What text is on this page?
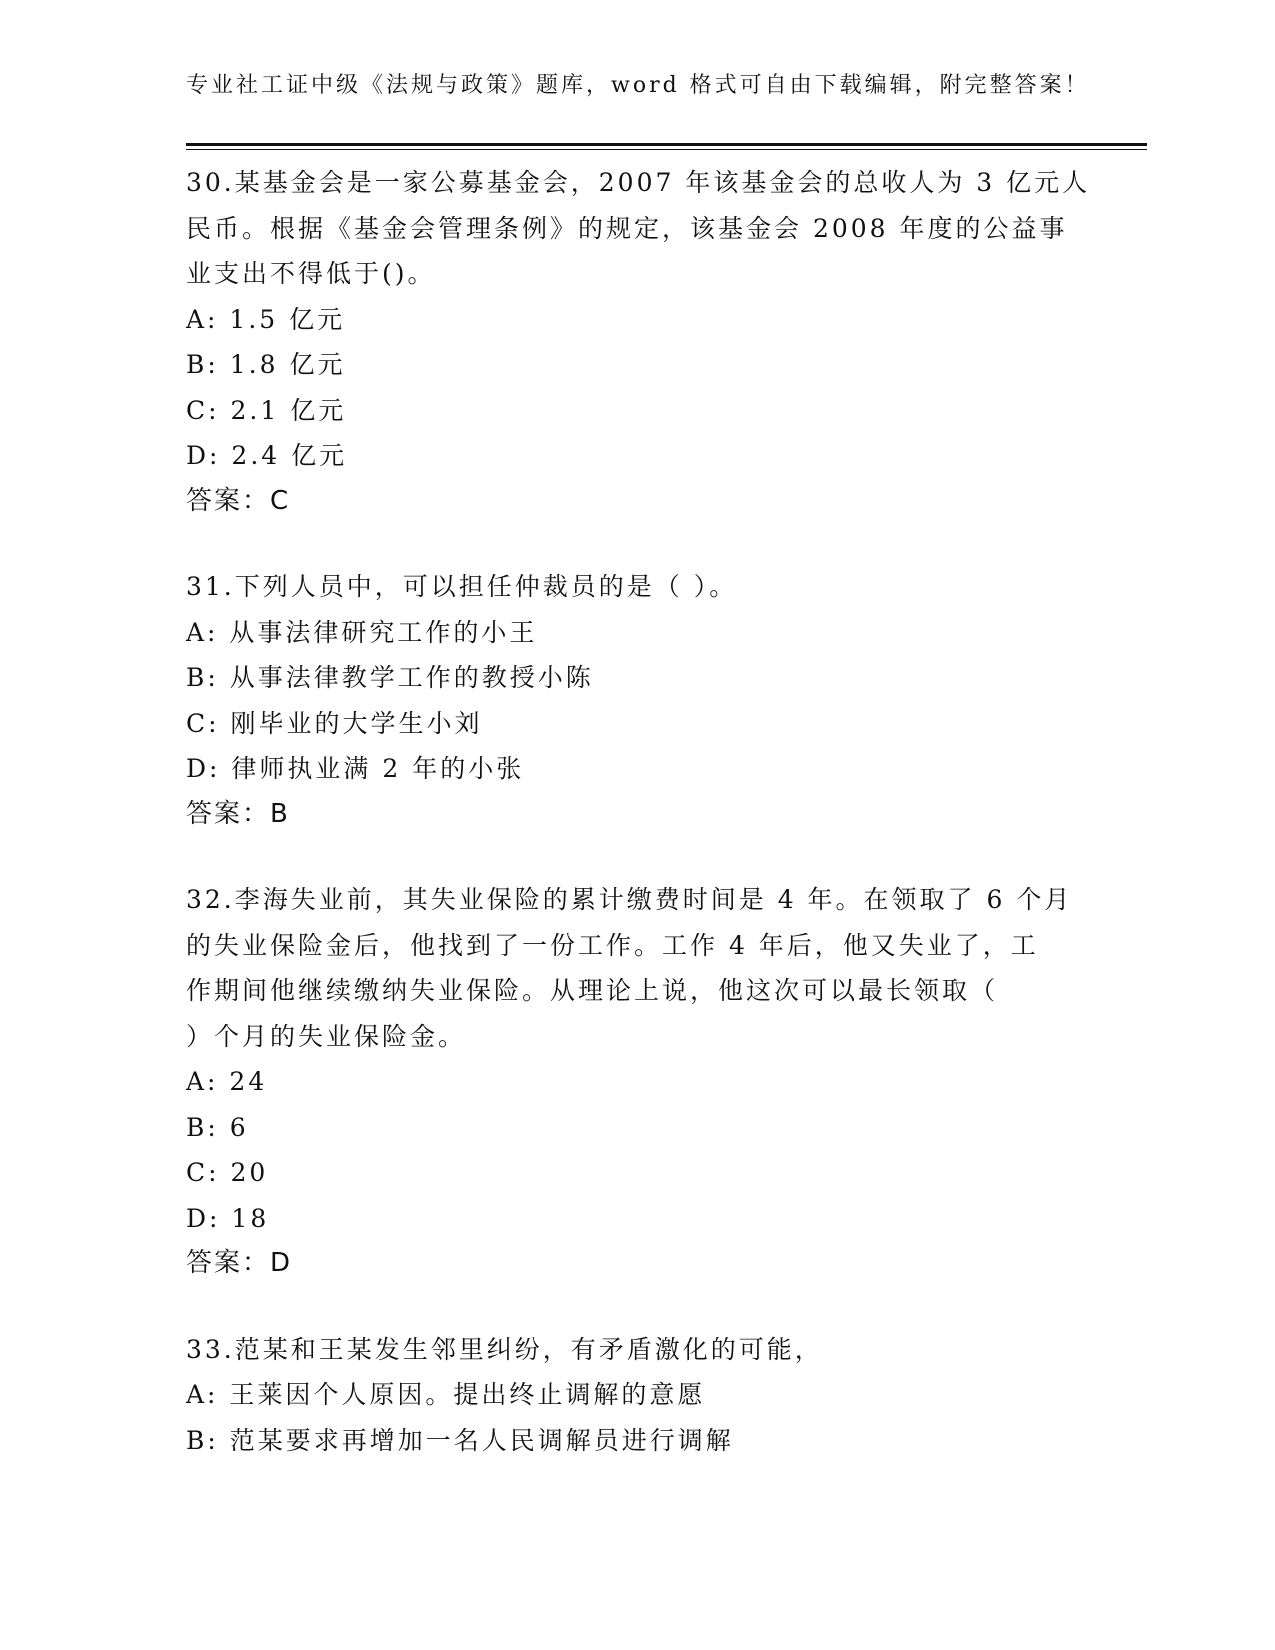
专业社工证中级《法规与政策》题库，word 格式可自由下载编辑，附完整答案！
30.某基金会是一家公募基金会，2007 年该基金会的总收人为 3 亿元人
民币。根据《基金会管理条例》的规定，该基金会 2008 年度的公益事
业支出不得低于()。
A: 1.5 亿元
B: 1.8 亿元
C: 2.1 亿元
D: 2.4 亿元
答案：C
31.下列人员中，可以担任仲裁员的是（ ）。
A: 从事法律研究工作的小王
B: 从事法律教学工作的教授小陈
C: 刚毕业的大学生小刘
D: 律师执业满 2 年的小张
答案：B
32.李海失业前，其失业保险的累计缴费时间是 4 年。在领取了 6 个月
的失业保险金后，他找到了一份工作。工作 4 年后，他又失业了，工
作期间他继续缴纳失业保险。从理论上说，他这次可以最长领取（
）个月的失业保险金。
A: 24
B: 6
C: 20
D: 18
答案：D
33.范某和王某发生邻里纠纷，有矛盾激化的可能，
A: 王莱因个人原因。提出终止调解的意愿
B: 范某要求再增加一名人民调解员进行调解
